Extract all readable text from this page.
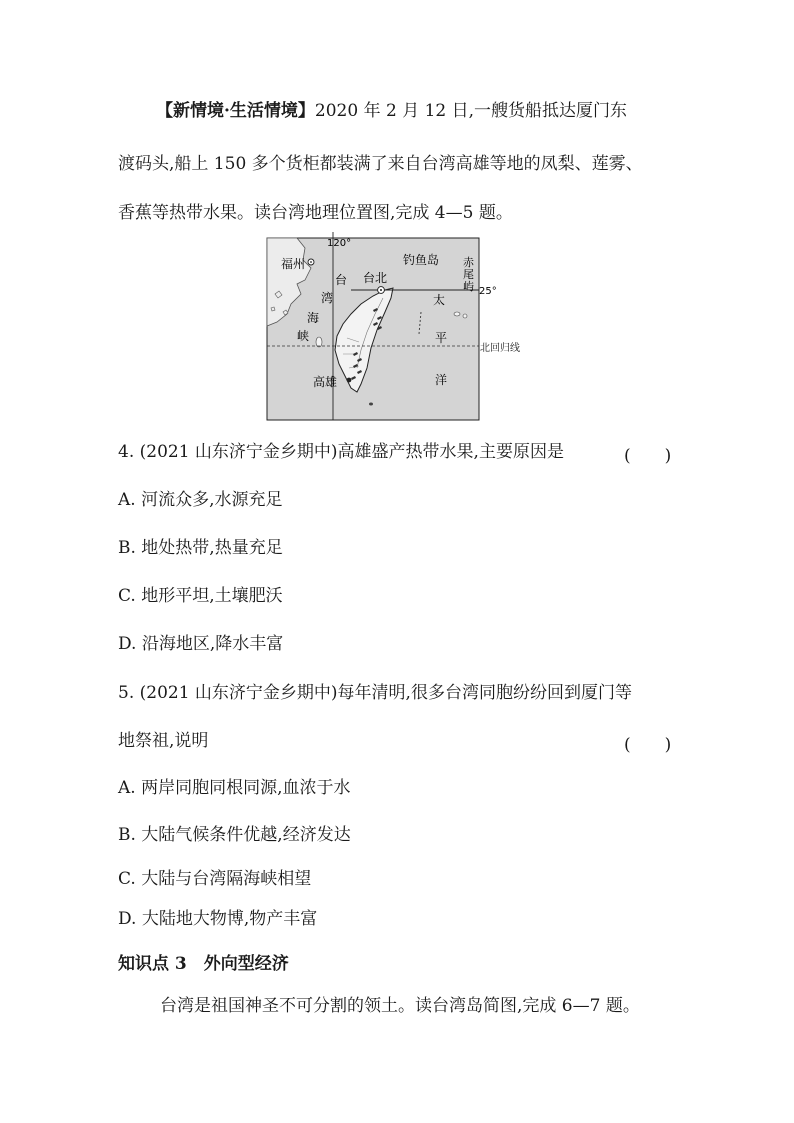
【新情境·生活情境】2020 年 2 月 12 日,一艘货船抵达厦门东
渡码头,船上 150 多个货柜都装满了来自台湾高雄等地的凤梨、莲雾、
香蕉等热带水果。读台湾地理位置图,完成 4—5 题。
120°
25°
福州
台北
钓鱼岛 赤
尾
屿
台
湾
海
峡
高雄
太
平
洋
北回归线
4. (2021 山东济宁金乡期中)高雄盛产热带水果,主要原因是	(　　)
A. 河流众多,水源充足
B. 地处热带,热量充足
C. 地形平坦,土壤肥沃
D. 沿海地区,降水丰富
5. (2021 山东济宁金乡期中)每年清明,很多台湾同胞纷纷回到厦门等
地祭祖,说明	(　　)
A. 两岸同胞同根同源,血浓于水
B. 大陆气候条件优越,经济发达
C. 大陆与台湾隔海峡相望
D. 大陆地大物博,物产丰富
知识点 3　外向型经济
台湾是祖国神圣不可分割的领土。读台湾岛简图,完成 6—7 题。
